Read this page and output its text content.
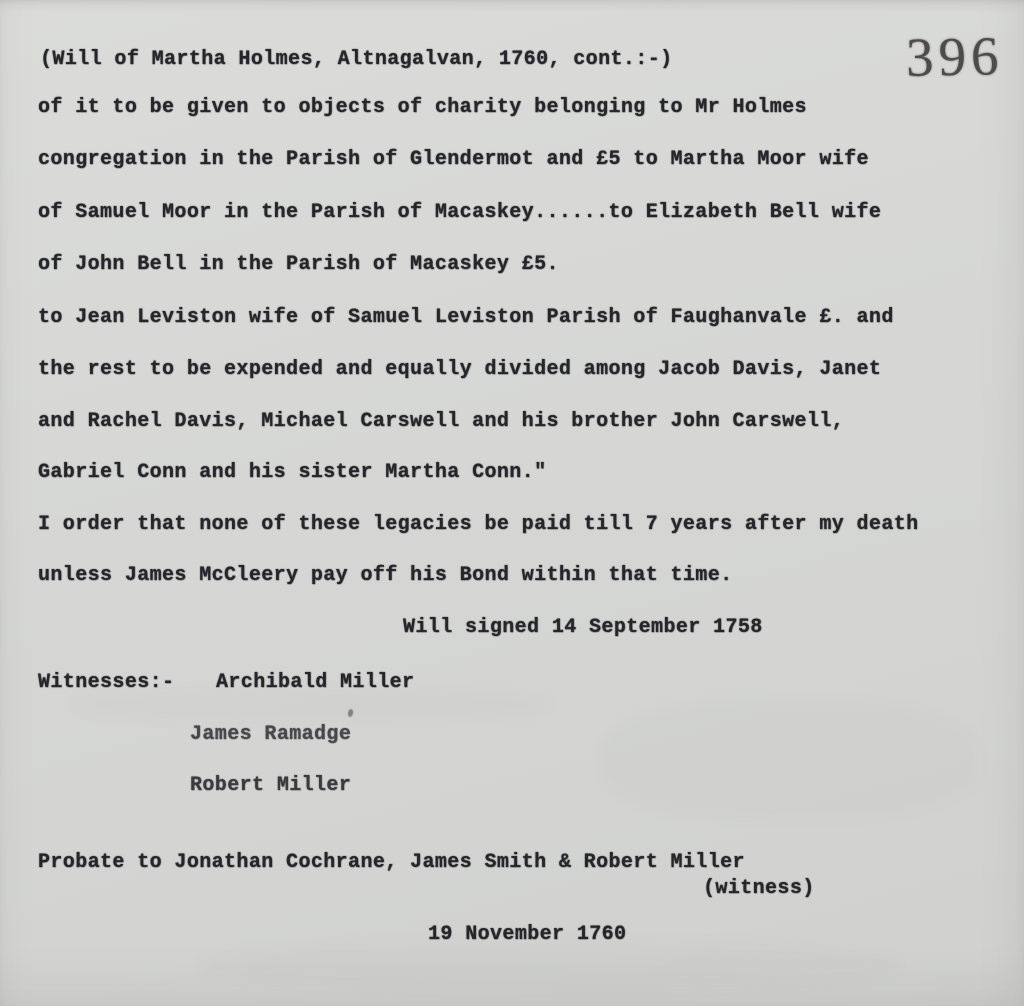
396
(Will of Martha Holmes, Altnagalvan, 1760, cont.:-)
of it to be given to objects of charity belonging to Mr Holmes
congregation in the Parish of Glendermot and £5 to Martha Moor wife
of Samuel Moor in the Parish of Macaskey......to Elizabeth Bell wife
of John Bell in the Parish of Macaskey £5.
to Jean Leviston wife of Samuel Leviston Parish of Faughanvale £. and
the rest to be expended and equally divided among Jacob Davis, Janet
and Rachel Davis, Michael Carswell and his brother John Carswell,
Gabriel Conn and his sister Martha Conn."
I order that none of these legacies be paid till 7 years after my death
unless James McCleery pay off his Bond within that time.
Will signed 14 September 1758
Witnesses:- Archibald Miller
James Ramadge
Robert Miller
Probate to Jonathan Cochrane, James Smith & Robert Miller
(witness)
19 November 1760
